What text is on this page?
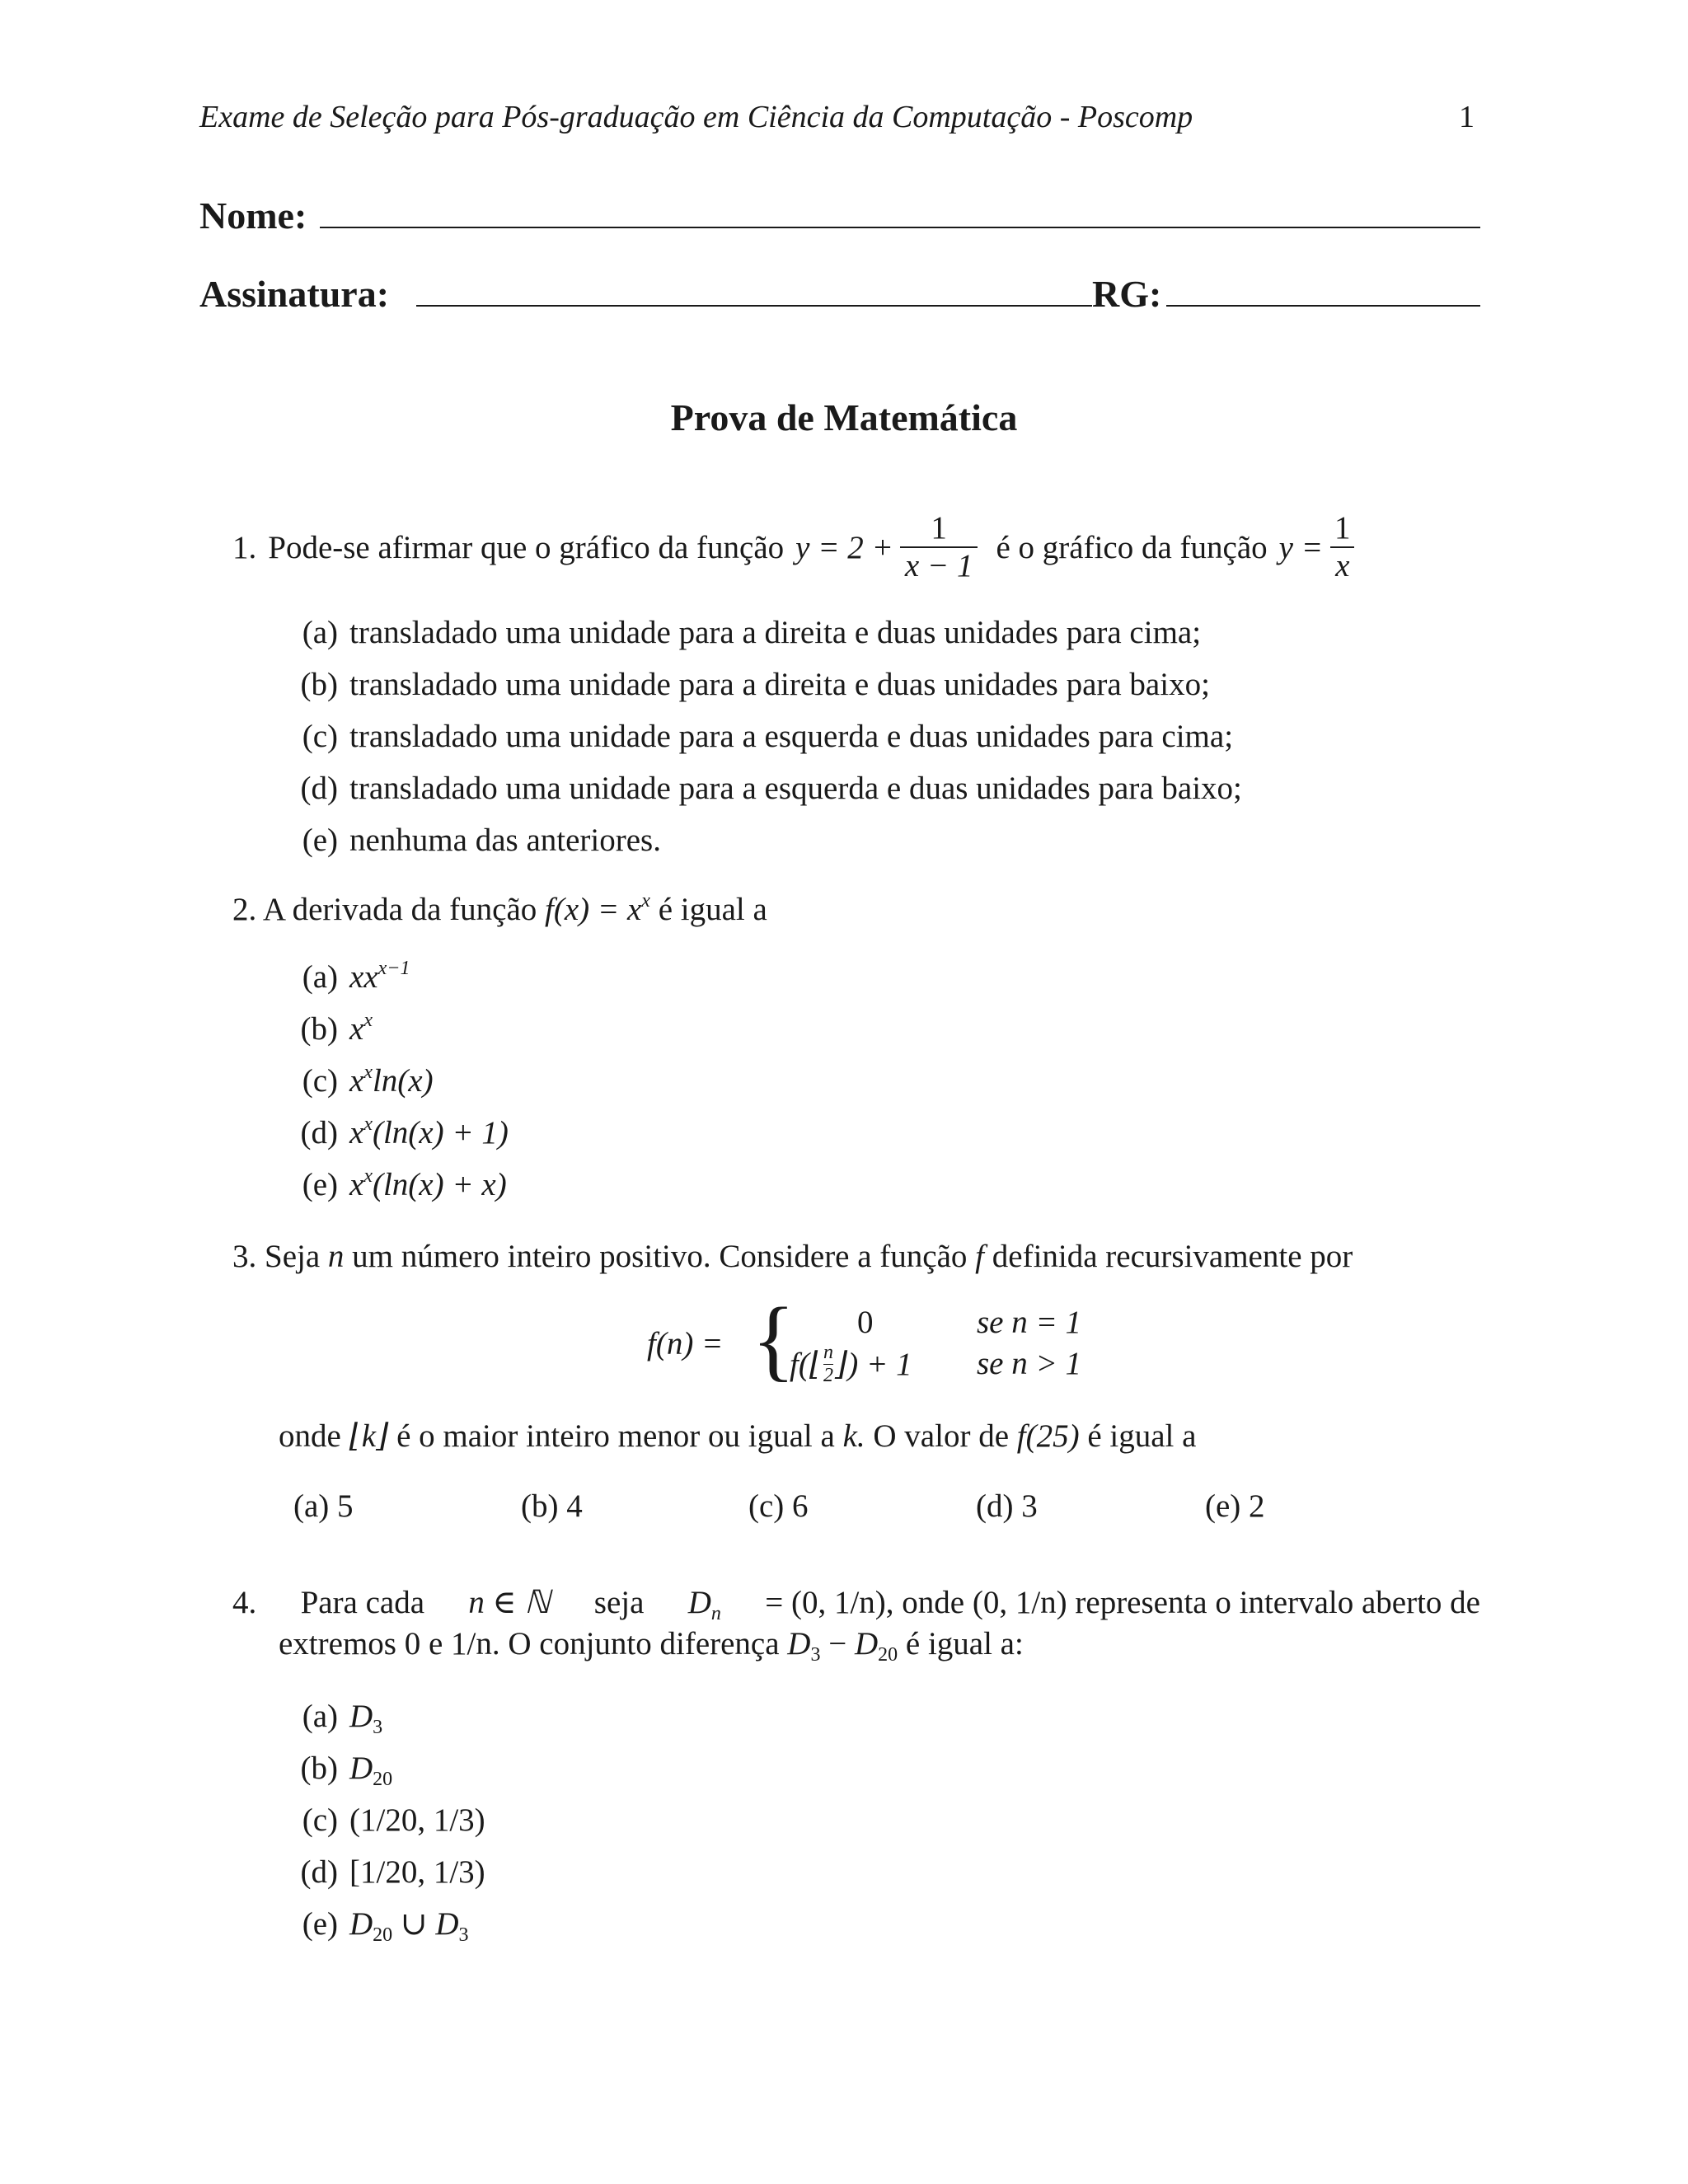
Exame de Seleção para Pós-graduação em Ciência da Computação - Poscomp	1
Nome:
Assinatura:	RG:
Prova de Matemática
1. Pode-se afirmar que o gráfico da função $y = 2 + \frac{1}{x - 1}$ é o gráfico da função $y = \frac{1}{x}$
(a) transladado uma unidade para a direita e duas unidades para cima;
(b) transladado uma unidade para a direita e duas unidades para baixo;
(c) transladado uma unidade para a esquerda e duas unidades para cima;
(d) transladado uma unidade para a esquerda e duas unidades para baixo;
(e) nenhuma das anteriores.
2. A derivada da função $f(x) = x^x$ é igual a
(a) $xx^{x-1}$
(b) $x^x$
(c) $x^x\ln(x)$
(d) $x^x(\ln(x) + 1)$
(e) $x^x(\ln(x) + x)$
3. Seja n um número inteiro positivo. Considere a função f definida recursivamente por
f(n) = { 0	se n = 1
f(⌊ $\frac{n}{2}$ ⌋) + 1 se n > 1
onde ⌊k⌋ é o maior inteiro menor ou igual a k. O valor de f(25) é igual a
(a) 5	(b) 4	(c) 6	(d) 3	(e) 2
4. Para cada n ∈ ℕ seja $D_n = (0$, 1/n), onde (0, 1/n) representa o intervalo aberto de
extremos 0 e 1/n. O conjunto diferença $D_3 - D_{20}$ é igual a:
(a) $D_3$
(b) $D_{20}$
(c) (1/20, 1/3)
(d) [1/20, 1/3)
(e) $D_{20}$ ∪ $D_3$
